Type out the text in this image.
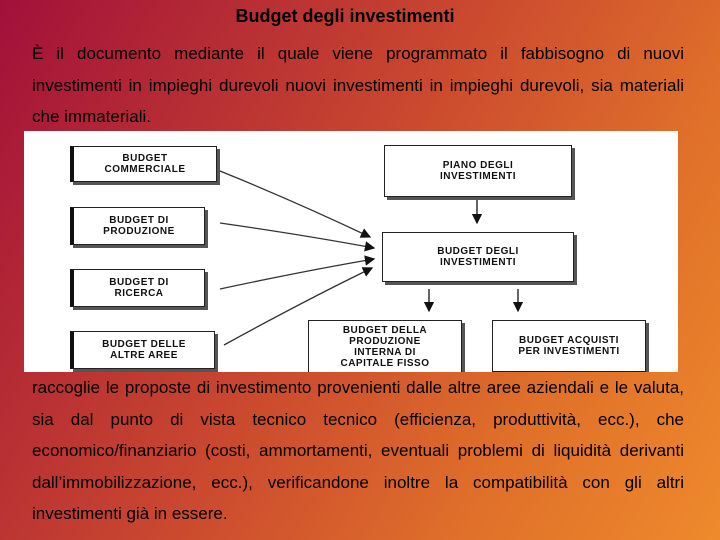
Budget degli investimenti
È il documento mediante il quale viene programmato il fabbisogno di nuovi investimenti in impieghi durevoli nuovi investimenti in impieghi durevoli, sia materiali che immateriali.
BUDGET
COMMERCIALE
BUDGET DI
PRODUZIONE
BUDGET DI
RICERCA
BUDGET DELLE
ALTRE AREE
PIANO DEGLI
INVESTIMENTI
BUDGET DEGLI
INVESTIMENTI
BUDGET DELLA
PRODUZIONE
INTERNA DI
CAPITALE FISSO
BUDGET ACQUISTI
PER INVESTIMENTI
raccoglie le proposte di investimento provenienti dalle altre aree aziendali e le valuta, sia dal punto di vista tecnico tecnico (efficienza, produttività, ecc.), che economico/finanziario (costi, ammortamenti, eventuali problemi di liquidità derivanti dall’immobilizzazione, ecc.), verificandone inoltre la compatibilità con gli altri investimenti già in essere.
